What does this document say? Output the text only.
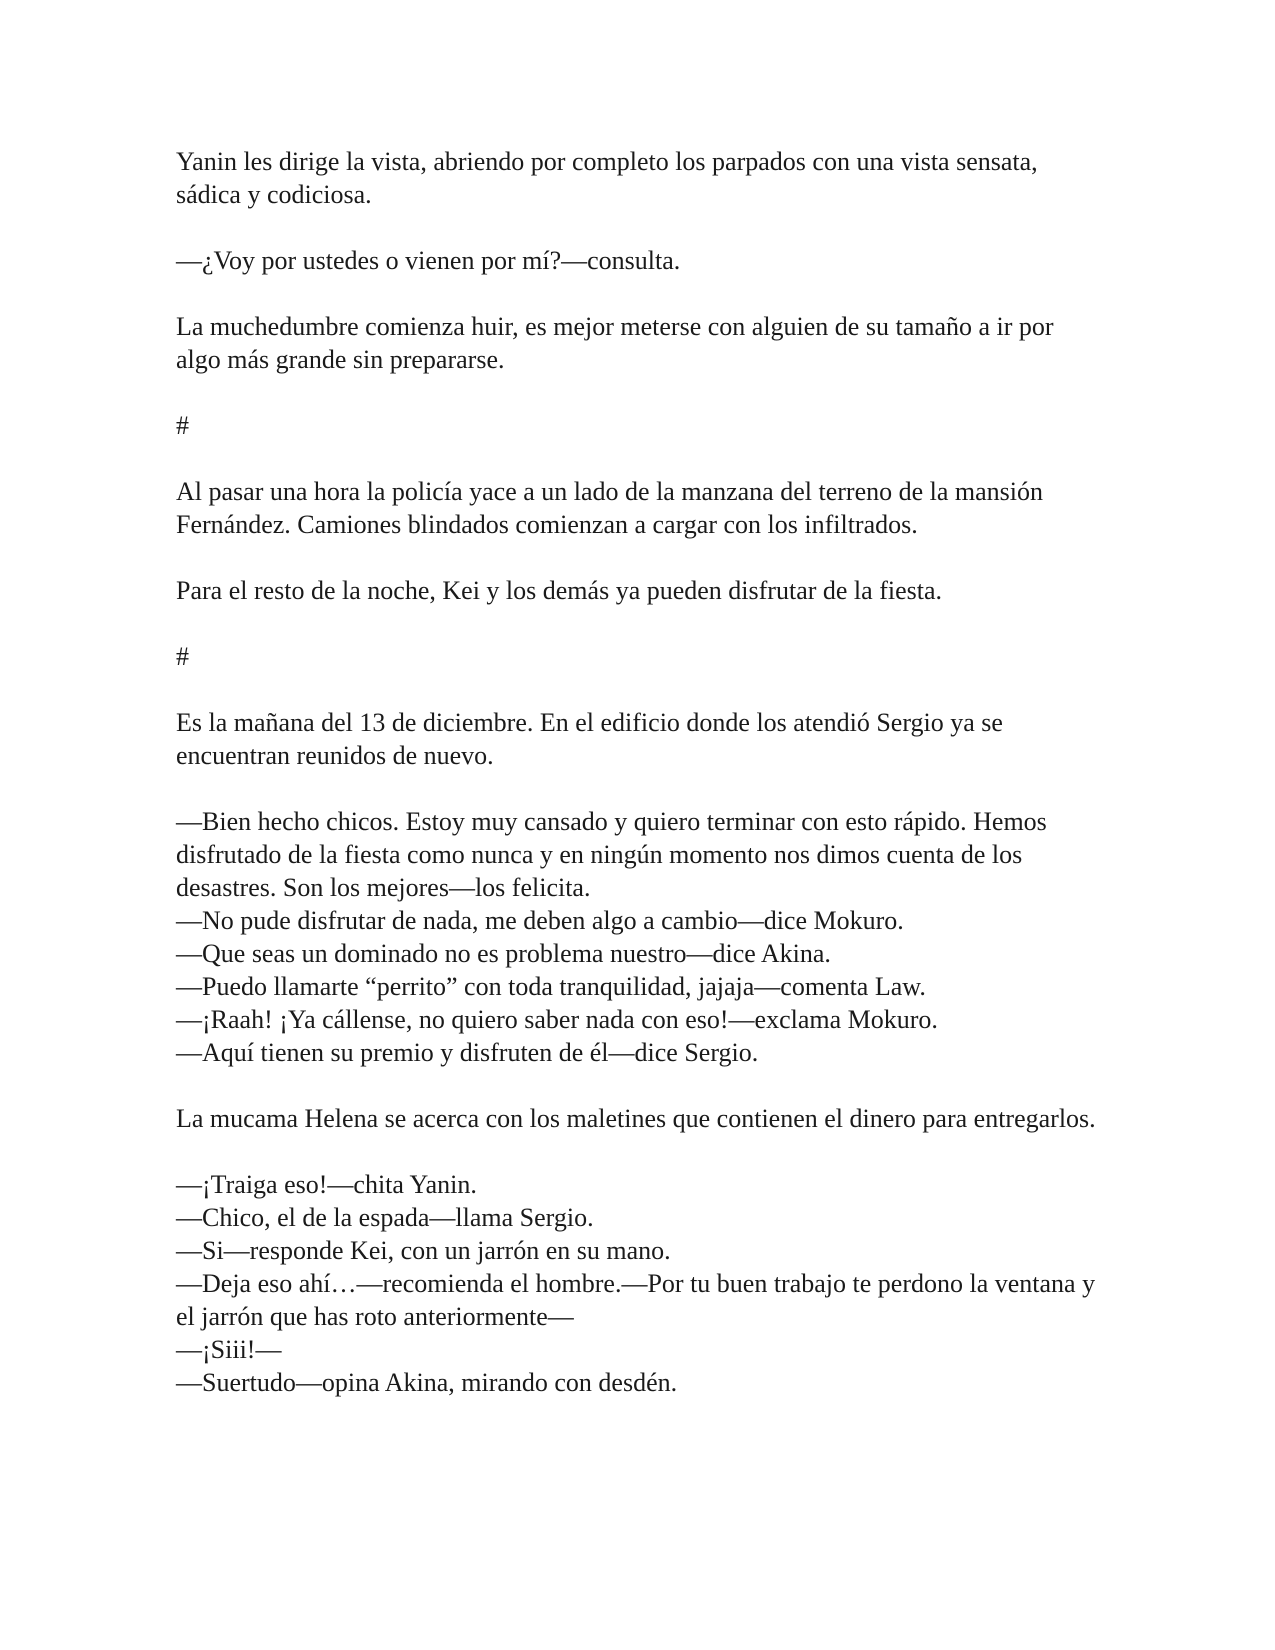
Yanin les dirige la vista, abriendo por completo los parpados con una vista sensata, sádica y codiciosa.

—¿Voy por ustedes o vienen por mí?—consulta.

La muchedumbre comienza huir, es mejor meterse con alguien de su tamaño a ir por algo más grande sin prepararse.

#

Al pasar una hora la policía yace a un lado de la manzana del terreno de la mansión Fernández. Camiones blindados comienzan a cargar con los infiltrados.

Para el resto de la noche, Kei y los demás ya pueden disfrutar de la fiesta.

#

Es la mañana del 13 de diciembre. En el edificio donde los atendió Sergio ya se encuentran reunidos de nuevo.

—Bien hecho chicos. Estoy muy cansado y quiero terminar con esto rápido. Hemos disfrutado de la fiesta como nunca y en ningún momento nos dimos cuenta de los desastres. Son los mejores—los felicita.
—No pude disfrutar de nada, me deben algo a cambio—dice Mokuro.
—Que seas un dominado no es problema nuestro—dice Akina.
—Puedo llamarte “perrito” con toda tranquilidad, jajaja—comenta Law.
—¡Raah! ¡Ya cállense, no quiero saber nada con eso!—exclama Mokuro.
—Aquí tienen su premio y disfruten de él—dice Sergio.

La mucama Helena se acerca con los maletines que contienen el dinero para entregarlos.

—¡Traiga eso!—chita Yanin.
—Chico, el de la espada—llama Sergio.
—Si—responde Kei, con un jarrón en su mano.
—Deja eso ahí…—recomienda el hombre.—Por tu buen trabajo te perdono la ventana y el jarrón que has roto anteriormente—
—¡Siii!—
—Suertudo—opina Akina, mirando con desdén.
